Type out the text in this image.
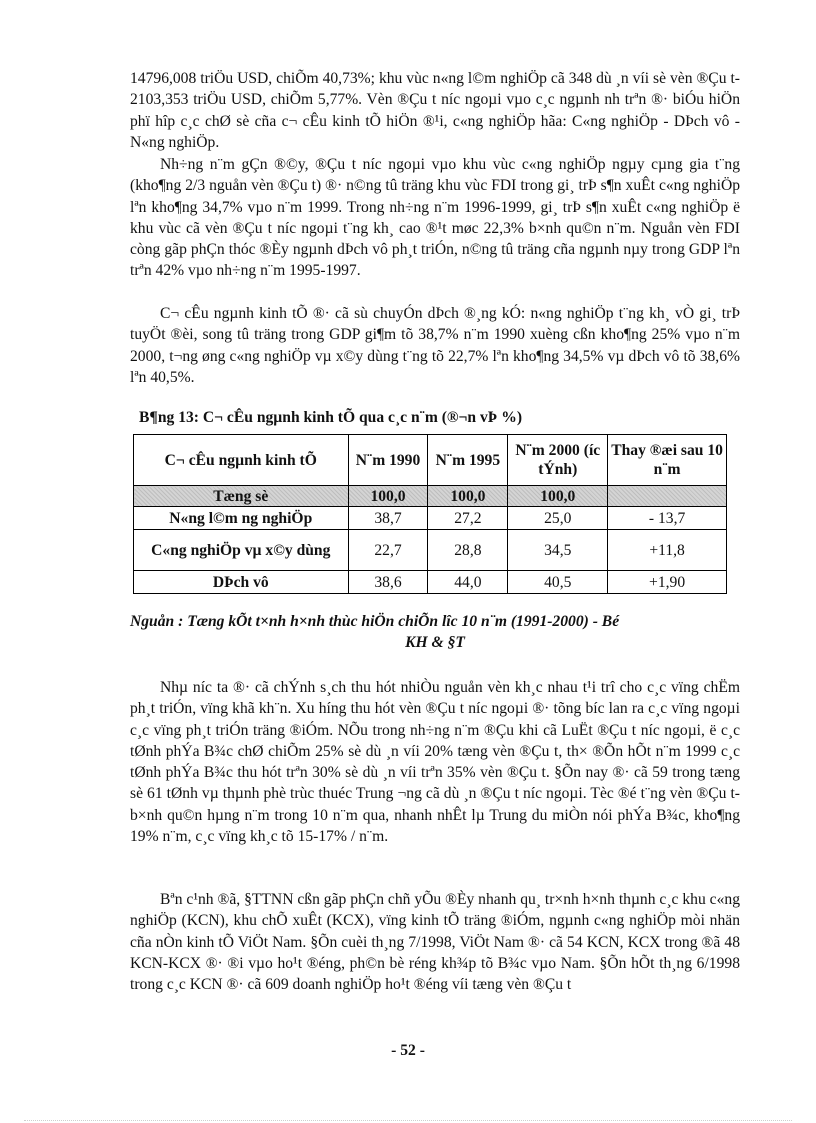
14796,008 triÖu USD, chiÕm 40,73%; khu vùc n«ng l©m nghiÖp cã 348 dù ¸n víi sè vèn ®Çu t 2103,353 triÖu USD, chiÕm 5,77%. Vèn ®Çu t níc ngoµi vµo c¸c ngµnh nh trªn ®· biÓu hiÖn phï hîp c¸c chØ sè cña c¬ cÊu kinh tÕ hiÖn ®¹i, c«ng nghiÖp hãa: C«ng nghiÖp - DÞch vô - N«ng nghiÖp.

Nh÷ng n¨m gÇn ®©y, ®Çu t níc ngoµi vµo khu vùc c«ng nghiÖp ngµy cµng gia t¨ng (kho¶ng 2/3 nguån vèn ®Çu t) ®· n©ng tû träng khu vùc FDI trong gi¸ trÞ s¶n xuÊt c«ng nghiÖp lªn kho¶ng 34,7% vµo n¨m 1999. Trong nh÷ng n¨m 1996-1999, gi¸ trÞ s¶n xuÊt c«ng nghiÖp ë khu vùc cã vèn ®Çu t níc ngoµi t¨ng kh¸ cao ®¹t møc 22,3% b×nh qu©n n¨m. Nguån vèn FDI còng gãp phÇn thóc ®Èy ngµnh dÞch vô ph¸t triÓn, n©ng tû träng cña ngµnh nµy trong GDP lªn trªn 42% vµo nh÷ng n¨m 1995-1997.

C¬ cÊu ngµnh kinh tÕ ®· cã sù chuyÓn dÞch ®¸ng kÓ: n«ng nghiÖp t¨ng kh¸ vÒ gi¸ trÞ tuyÖt ®èi, song tû träng trong GDP gi¶m tõ 38,7% n¨m 1990 xuèng cßn kho¶ng 25% vµo n¨m 2000, t¬ng øng c«ng nghiÖp vµ x©y dùng t¨ng tõ 22,7% lªn kho¶ng 34,5% vµ dÞch vô tõ 38,6% lªn 40,5%.

B¶ng 13: C¬ cÊu ngµnh kinh tÕ qua c¸c n¨m (®¬n vÞ %)
C¬ cÊu ngµnh kinh tÕ	N¨m 1990	N¨m 1995	N¨m 2000 (íc tÝnh)	Thay ®æi sau 10 n¨m
Tæng sè	100,0	100,0	100,0	
N«ng l©m ng nghiÖp	38,7	27,2	25,0	- 13,7
C«ng nghiÖp vµ x©y dùng	22,7	28,8	34,5	+11,8
DÞch vô	38,6	44,0	40,5	+1,90

Nguån : Tæng kÕt t×nh h×nh thùc hiÖn chiÕn lîc 10 n¨m (1991-2000) - Bé
KH & §T

Nhµ níc ta ®· cã chÝnh s¸ch thu hót nhiÒu nguån vèn kh¸c nhau t¹i trî cho c¸c vïng chËm ph¸t triÓn, vïng khã kh¨n. Xu híng thu hót vèn ®Çu t níc ngoµi ®· tõng bíc lan ra c¸c vïng ngoµi c¸c vïng ph¸t triÓn träng ®iÓm. NÕu trong nh÷ng n¨m ®Çu khi cã LuËt ®Çu t níc ngoµi, ë c¸c tØnh phÝa B¾c chØ chiÕm 25% sè dù ¸n víi 20% tæng vèn ®Çu t, th× ®Õn hÕt n¨m 1999 c¸c tØnh phÝa B¾c thu hót trªn 30% sè dù ¸n víi trªn 35% vèn ®Çu t. §Õn nay ®· cã 59 trong tæng sè 61 tØnh vµ thµnh phè trùc thuéc Trung ¬ng cã dù ¸n ®Çu t níc ngoµi. Tèc ®é t¨ng vèn ®Çu t b×nh qu©n hµng n¨m trong 10 n¨m qua, nhanh nhÊt lµ Trung du miÒn nói phÝa B¾c, kho¶ng 19% n¨m, c¸c vïng kh¸c tõ 15-17% / n¨m.

Bªn c¹nh ®ã, §TTNN cßn gãp phÇn chñ yÕu ®Èy nhanh qu¸ tr×nh h×nh thµnh c¸c khu c«ng nghiÖp (KCN), khu chÕ xuÊt (KCX), vïng kinh tÕ träng ®iÓm, ngµnh c«ng nghiÖp mòi nhän cña nÒn kinh tÕ ViÖt Nam. §Õn cuèi th¸ng 7/1998, ViÖt Nam ®· cã 54 KCN, KCX trong ®ã 48 KCN-KCX ®· ®i vµo ho¹t ®éng, ph©n bè réng kh¾p tõ B¾c vµo Nam. §Õn hÕt th¸ng 6/1998 trong c¸c KCN ®· cã 609 doanh nghiÖp ho¹t ®éng víi tæng vèn ®Çu t

- 52 -
